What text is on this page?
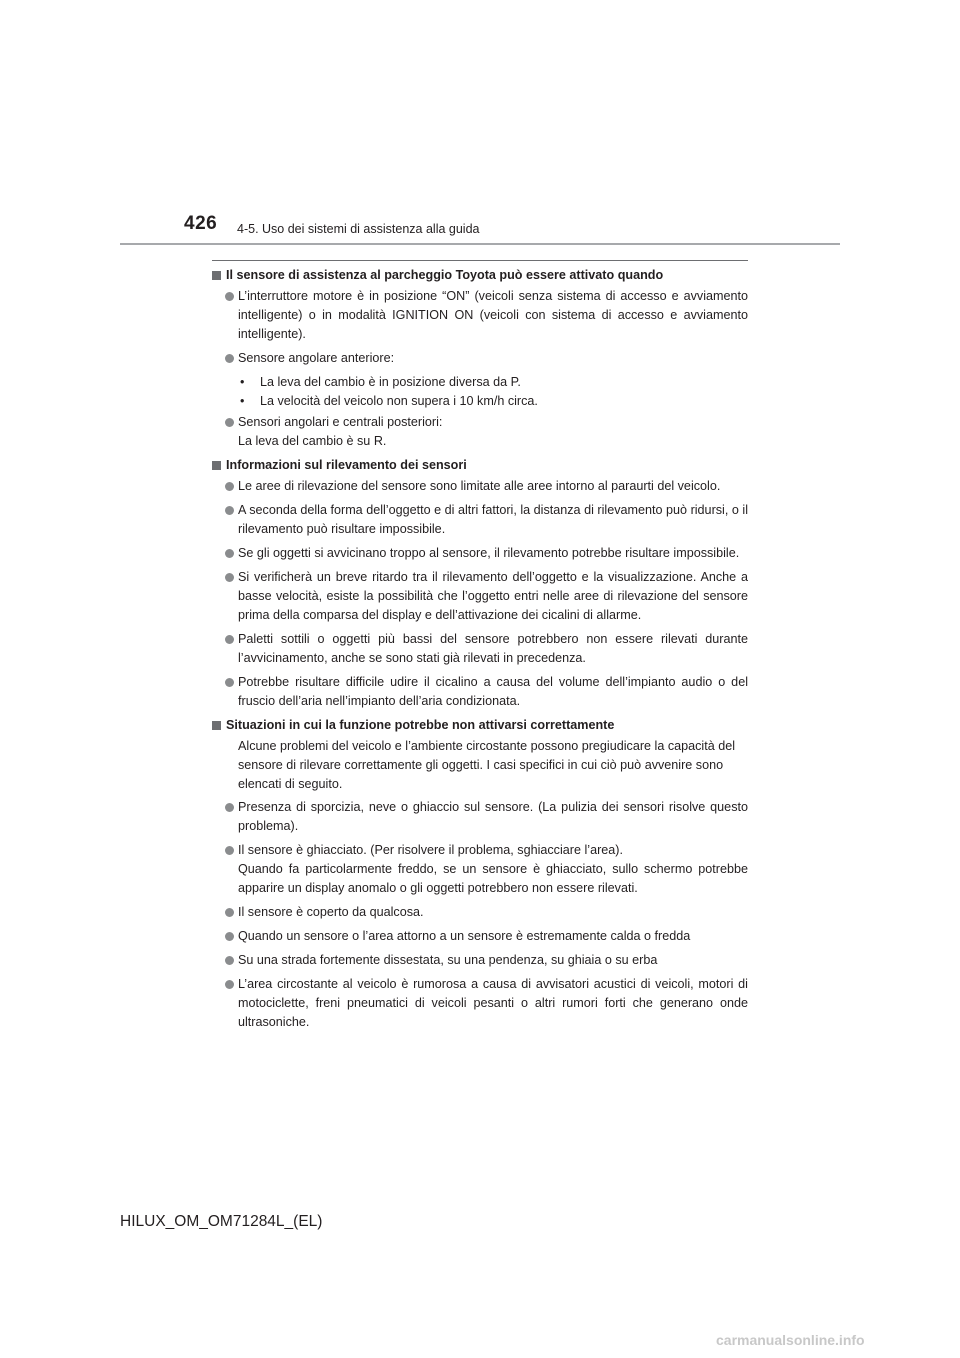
426 4-5. Uso dei sistemi di assistenza alla guida
Il sensore di assistenza al parcheggio Toyota può essere attivato quando
L’interruttore motore è in posizione “ON” (veicoli senza sistema di accesso e avviamento intelligente) o in modalità IGNITION ON (veicoli con sistema di accesso e avviamento intelligente).
Sensore angolare anteriore:
• La leva del cambio è in posizione diversa da P.
• La velocità del veicolo non supera i 10 km/h circa.
Sensori angolari e centrali posteriori:
La leva del cambio è su R.
Informazioni sul rilevamento dei sensori
Le aree di rilevazione del sensore sono limitate alle aree intorno al paraurti del veicolo.
A seconda della forma dell’oggetto e di altri fattori, la distanza di rilevamento può ridursi, o il rilevamento può risultare impossibile.
Se gli oggetti si avvicinano troppo al sensore, il rilevamento potrebbe risultare impossibile.
Si verificherà un breve ritardo tra il rilevamento dell’oggetto e la visualizzazione. Anche a basse velocità, esiste la possibilità che l’oggetto entri nelle aree di rilevazione del sensore prima della comparsa del display e dell’attivazione dei cicalini di allarme.
Paletti sottili o oggetti più bassi del sensore potrebbero non essere rilevati durante l’avvicinamento, anche se sono stati già rilevati in precedenza.
Potrebbe risultare difficile udire il cicalino a causa del volume dell’impianto audio o del fruscio dell’aria nell’impianto dell’aria condizionata.
Situazioni in cui la funzione potrebbe non attivarsi correttamente
Alcune problemi del veicolo e l’ambiente circostante possono pregiudicare la capacità del sensore di rilevare correttamente gli oggetti. I casi specifici in cui ciò può avvenire sono elencati di seguito.
Presenza di sporcizia, neve o ghiaccio sul sensore. (La pulizia dei sensori risolve questo problema).
Il sensore è ghiacciato. (Per risolvere il problema, sghiacciare l’area).
Quando fa particolarmente freddo, se un sensore è ghiacciato, sullo schermo potrebbe apparire un display anomalo o gli oggetti potrebbero non essere rilevati.
Il sensore è coperto da qualcosa.
Quando un sensore o l’area attorno a un sensore è estremamente calda o fredda
Su una strada fortemente dissestata, su una pendenza, su ghiaia o su erba
L’area circostante al veicolo è rumorosa a causa di avvisatori acustici di veicoli, motori di motociclette, freni pneumatici di veicoli pesanti o altri rumori forti che generano onde ultrasoniche.
HILUX_OM_OM71284L_(EL)
carmanualsonline.info
